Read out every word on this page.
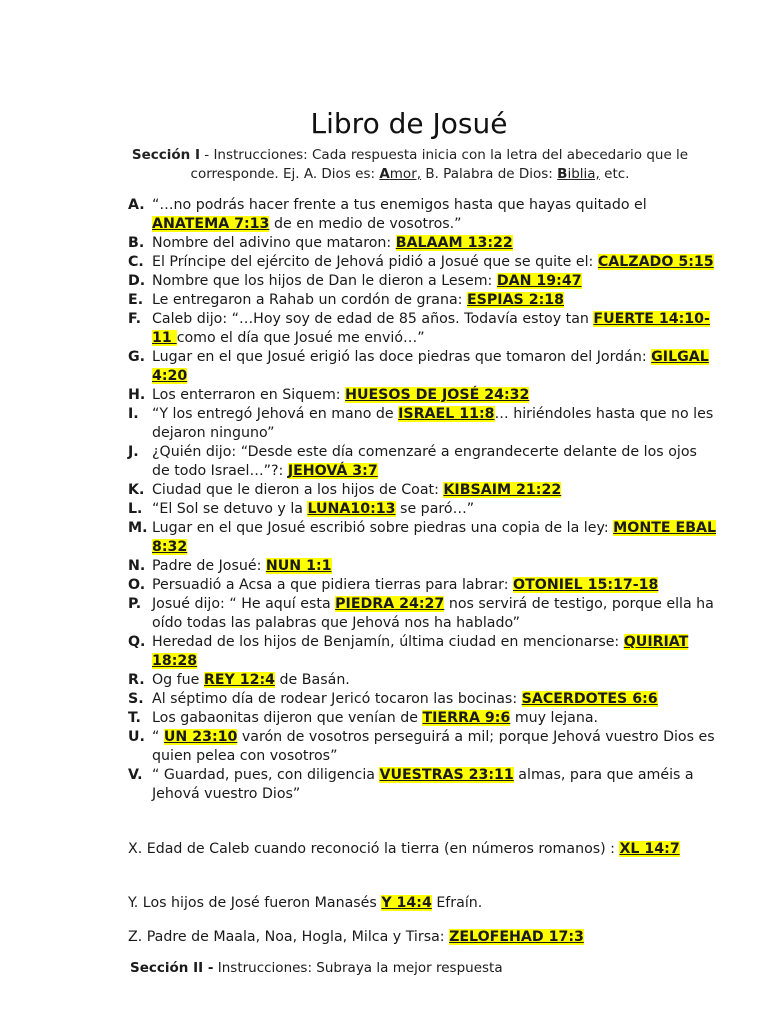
Libro de Josué
Sección I - Instrucciones: Cada respuesta inicia con la letra del abecedario que le corresponde. Ej. A. Dios es: Amor, B. Palabra de Dios: Biblia, etc.
A. “…no podrás hacer frente a tus enemigos hasta que hayas quitado el ANATEMA 7:13 de en medio de vosotros.”
B. Nombre del adivino que mataron: BALAAM 13:22
C. El Príncipe del ejército de Jehová pidió a Josué que se quite el: CALZADO 5:15
D. Nombre que los hijos de Dan le dieron a Lesem: DAN 19:47
E. Le entregaron a Rahab un cordón de grana: ESPIAS 2:18
F. Caleb dijo: “…Hoy soy de edad de 85 años. Todavía estoy tan FUERTE 14:10-11 como el día que Josué me envió…”
G. Lugar en el que Josué erigió las doce piedras que tomaron del Jordán: GILGAL 4:20
H. Los enterraron en Siquem: HUESOS DE JOSÉ 24:32
I. “Y los entregó Jehová en mano de ISRAEL 11:8… hiriéndoles hasta que no les dejaron ninguno”
J. ¿Quién dijo: “Desde este día comenzaré a engrandecerte delante de los ojos de todo Israel…”?: JEHOVÁ 3:7
K. Ciudad que le dieron a los hijos de Coat: KIBSAIM 21:22
L. “El Sol se detuvo y la LUNA10:13 se paró…”
M. Lugar en el que Josué escribió sobre piedras una copia de la ley: MONTE EBAL 8:32
N. Padre de Josué: NUN 1:1
O. Persuadió a Acsa a que pidiera tierras para labrar: OTONIEL 15:17-18
P. Josué dijo: “ He aquí esta PIEDRA 24:27 nos servirá de testigo, porque ella ha oído todas las palabras que Jehová nos ha hablado”
Q. Heredad de los hijos de Benjamín, última ciudad en mencionarse: QUIRIAT 18:28
R. Og fue REY 12:4 de Basán.
S. Al séptimo día de rodear Jericó tocaron las bocinas: SACERDOTES 6:6
T. Los gabaonitas dijeron que venían de TIERRA 9:6 muy lejana.
U. “ UN 23:10 varón de vosotros perseguirá a mil; porque Jehová vuestro Dios es quien pelea con vosotros”
V. “ Guardad, pues, con diligencia VUESTRAS 23:11 almas, para que améis a Jehová vuestro Dios”
X. Edad de Caleb cuando reconoció la tierra (en números romanos) : XL 14:7
Y. Los hijos de José fueron Manasés Y 14:4 Efraín.
Z. Padre de Maala, Noa, Hogla, Milca y Tirsa: ZELOFEHAD 17:3
Sección II - Instrucciones: Subraya la mejor respuesta
